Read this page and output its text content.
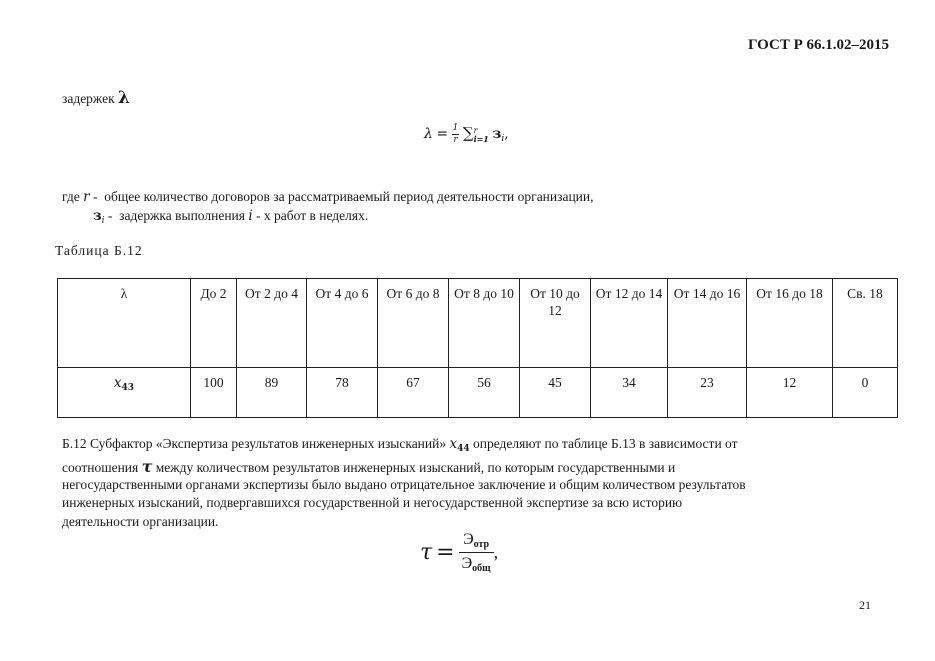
ГОСТ Р 66.1.02–2015
задержек λ
$\lambda = \frac{1}{r}$ ∑ r
i=1 $з_i$,
где r -  общее количество договоров за рассматриваемый период деятельности организации,
$з_i$ -  задержка выполнения i - х работ в неделях.
Таблица Б.12
λ	До 2	От 2 до 4	От 4 до 6	От 6 до 8	От 8 до 10	От 10 до 12	От 12 до 14	От 14 до 16	От 16 до 18	Св. 18
$x_{43}$	100	89	78	67	56	45	34	23	12	0
Б.12 Субфактор «Экспертиза результатов инженерных изысканий» $x_{44}$ определяют по таблице Б.13 в зависимости от
соотношения τ между количеством результатов инженерных изысканий, по которым государственными и
негосударственными органами экспертизы было выдано отрицательное заключение и общим количеством результатов
инженерных изысканий, подвергавшихся государственной и негосударственной экспертизе за всю историю
деятельности организации.
$\tau = \frac{Э_{отр}}{Э_{общ}}$ ,
21
